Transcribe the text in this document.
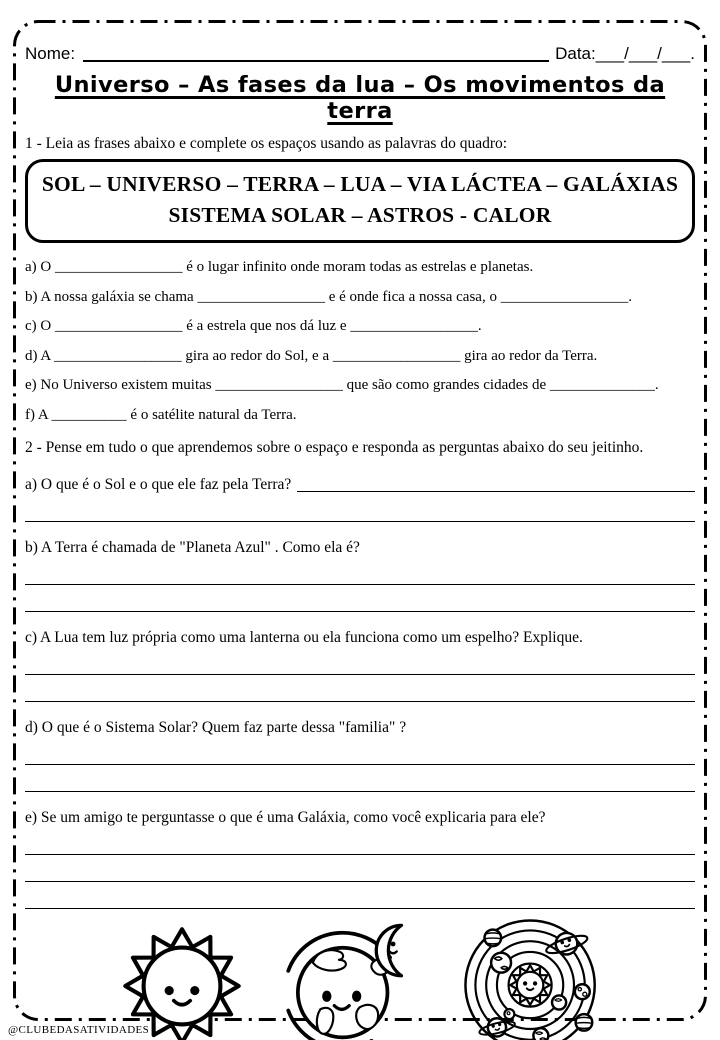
Nome:	Data:___/___/___.
Universo – As fases da lua – Os movimentos da terra

1 - Leia as frases abaixo e complete os espaços usando as palavras do quadro:

SOL – UNIVERSO – TERRA – LUA – VIA LÁCTEA – GALÁXIAS
SISTEMA SOLAR – ASTROS - CALOR
a) O _________________ é o lugar infinito onde moram todas as estrelas e planetas.
b) A nossa galáxia se chama _________________ e é onde fica a nossa casa, o _________________.
c) O _________________ é a estrela que nos dá luz e _________________.
d) A _________________ gira ao redor do Sol, e a _________________ gira ao redor da Terra.
e) No Universo existem muitas _________________ que são como grandes cidades de ______________.
f) A __________ é o satélite natural da Terra.

2 - Pense em tudo o que aprendemos sobre o espaço e responda as perguntas abaixo do seu jeitinho.

a) O que é o Sol e o que ele faz pela Terra?
b) A Terra é chamada de "Planeta Azul" . Como ela é?
c) A Lua tem luz própria como uma lanterna ou ela funciona como um espelho? Explique.
d) O que é o Sistema Solar? Quem faz parte dessa "familia" ?
e) Se um amigo te perguntasse o que é uma Galáxia, como você explicaria para ele?
@CLUBEDASATIVIDADES
